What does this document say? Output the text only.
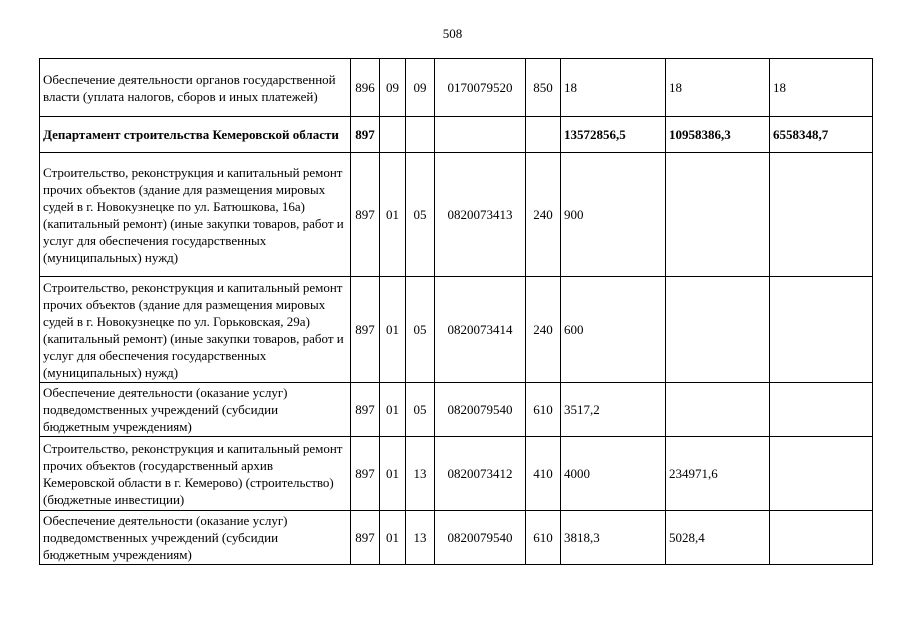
508
Обеспечение деятельности органов государственной власти (уплата налогов, сборов и иных платежей)	896	09	09	0170079520	850	18	18	18
Департамент строительства Кемеровской области	897					13572856,5	10958386,3	6558348,7
Строительство, реконструкция и капитальный ремонт прочих объектов (здание для размещения мировых судей в г. Новокузнецке по ул. Батюшкова, 16а) (капитальный ремонт) (иные закупки товаров, работ и услуг для обеспечения государственных (муниципальных) нужд)	897	01	05	0820073413	240	900		
Строительство, реконструкция и капитальный ремонт прочих объектов (здание для размещения мировых судей в г. Новокузнецке по ул. Горьковская, 29а) (капитальный ремонт) (иные закупки товаров, работ и услуг для обеспечения государственных (муниципальных) нужд)	897	01	05	0820073414	240	600		
Обеспечение деятельности (оказание услуг) подведомственных учреждений (субсидии бюджетным учреждениям)	897	01	05	0820079540	610	3517,2		
Строительство, реконструкция и капитальный ремонт прочих объектов (государственный архив Кемеровской области в г. Кемерово) (строительство) (бюджетные инвестиции)	897	01	13	0820073412	410	4000	234971,6	
Обеспечение деятельности (оказание услуг) подведомственных учреждений (субсидии бюджетным учреждениям)	897	01	13	0820079540	610	3818,3	5028,4	
